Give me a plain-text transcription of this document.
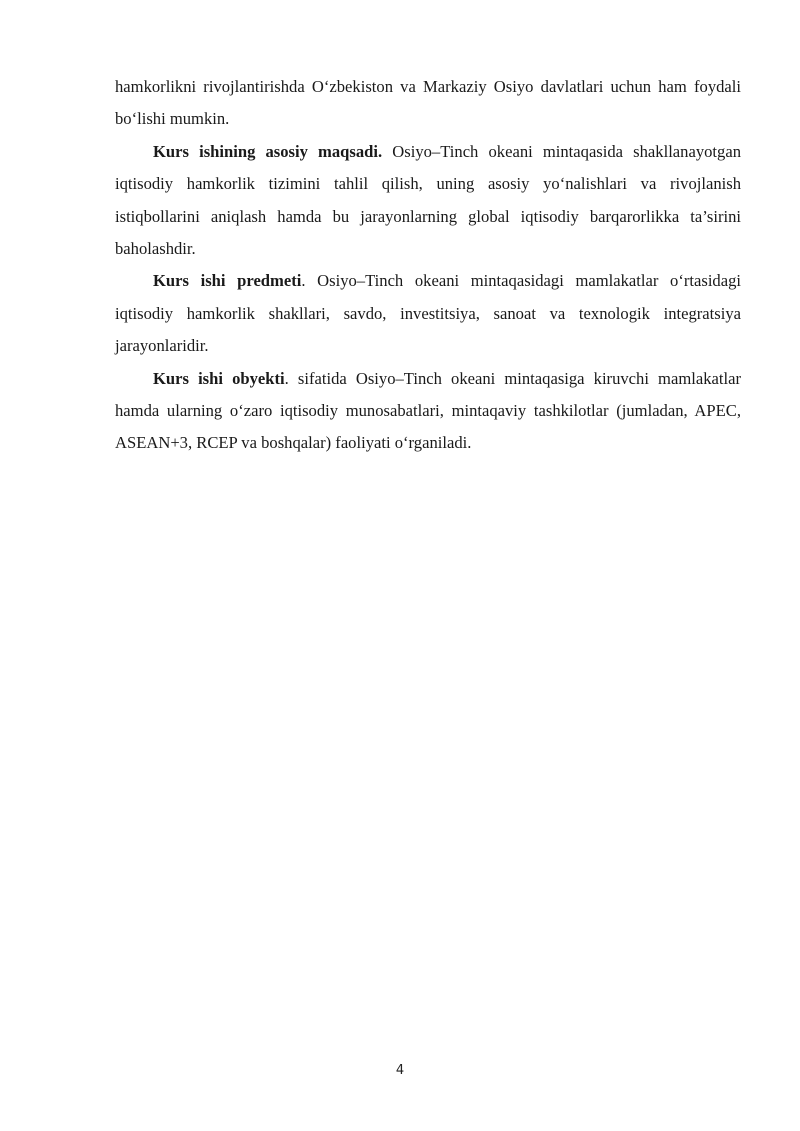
hamkorlikni rivojlantirishda O‘zbekiston va Markaziy Osiyo davlatlari uchun ham foydali bo‘lishi mumkin.

Kurs ishining asosiy maqsadi. Osiyo–Tinch okeani mintaqasida shakllanayotgan iqtisodiy hamkorlik tizimini tahlil qilish, uning asosiy yo‘nalishlari va rivojlanish istiqbollarini aniqlash hamda bu jarayonlarning global iqtisodiy barqarorlikka ta’sirini baholashdir.

Kurs ishi predmeti. Osiyo–Tinch okeani mintaqasidagi mamlakatlar o‘rtasidagi iqtisodiy hamkorlik shakllari, savdo, investitsiya, sanoat va texnologik integratsiya jarayonlaridir.

Kurs ishi obyekti. sifatida Osiyo–Tinch okeani mintaqasiga kiruvchi mamlakatlar hamda ularning o‘zaro iqtisodiy munosabatlari, mintaqaviy tashkilotlar (jumladan, APEC, ASEAN+3, RCEP va boshqalar) faoliyati o‘rganiladi.

4
